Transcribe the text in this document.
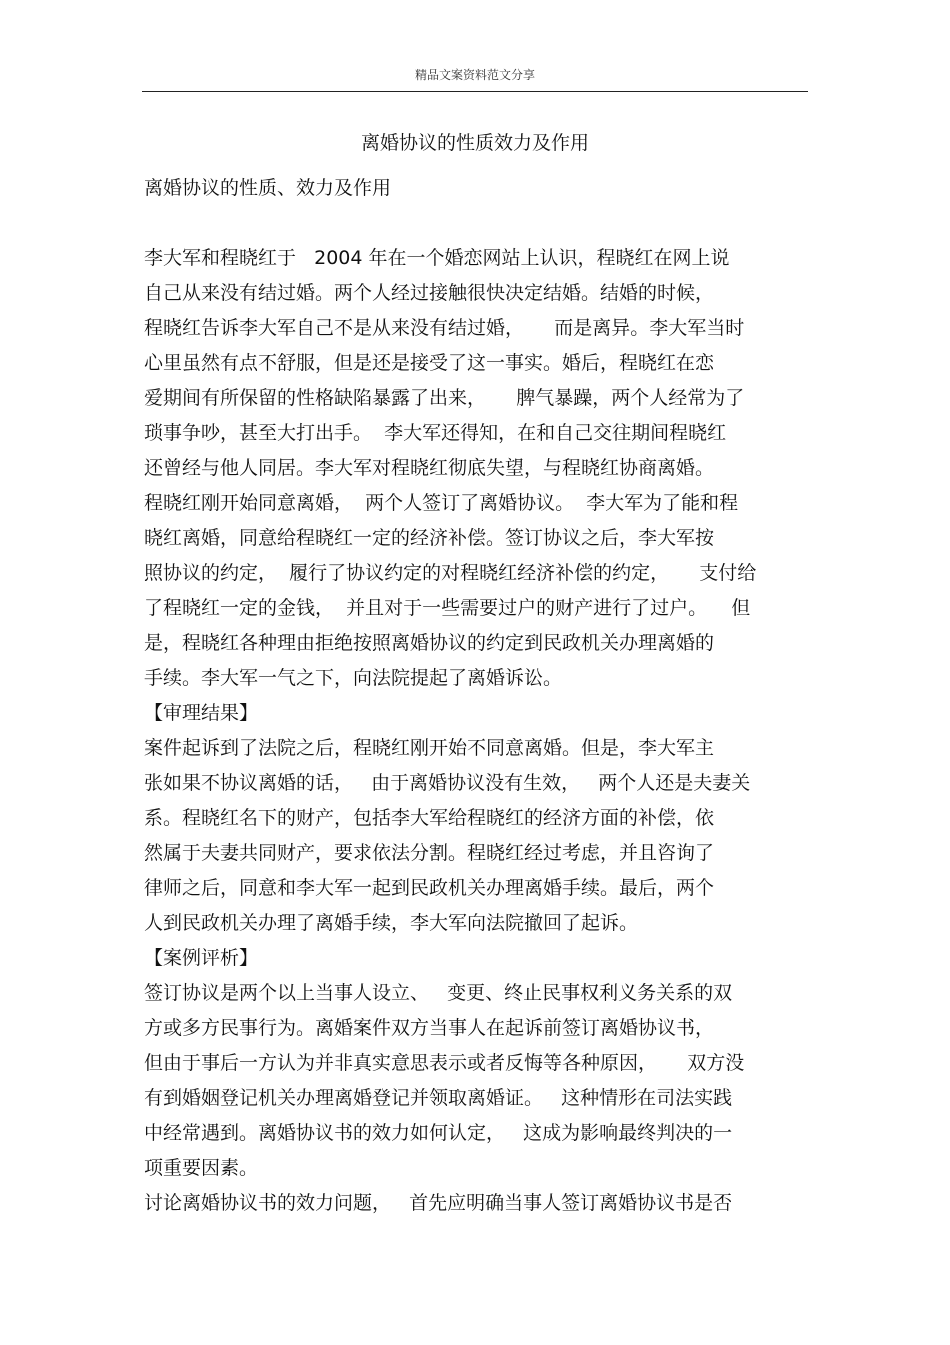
精品文案资料范文分享
离婚协议的性质效力及作用
离婚协议的性质、效力及作用
李大军和程晓红于   2004 年在一个婚恋网站上认识，程晓红在网上说
自己从来没有结过婚。两个人经过接触很快决定结婚。结婚的时候，
程晓红告诉李大军自己不是从来没有结过婚，     而是离异。李大军当时
心里虽然有点不舒服，但是还是接受了这一事实。婚后，程晓红在恋
爱期间有所保留的性格缺陷暴露了出来，     脾气暴躁，两个人经常为了
琐事争吵，甚至大打出手。  李大军还得知，在和自己交往期间程晓红
还曾经与他人同居。李大军对程晓红彻底失望，与程晓红协商离婚。
程晓红刚开始同意离婚，  两个人签订了离婚协议。  李大军为了能和程
晓红离婚，同意给程晓红一定的经济补偿。签订协议之后，李大军按
照协议的约定，  履行了协议约定的对程晓红经济补偿的约定，     支付给
了程晓红一定的金钱，  并且对于一些需要过户的财产进行了过户。    但
是，程晓红各种理由拒绝按照离婚协议的约定到民政机关办理离婚的
手续。李大军一气之下，向法院提起了离婚诉讼。
【审理结果】
案件起诉到了法院之后，程晓红刚开始不同意离婚。但是，李大军主
张如果不协议离婚的话，   由于离婚协议没有生效，   两个人还是夫妻关
系。程晓红名下的财产，包括李大军给程晓红的经济方面的补偿，依
然属于夫妻共同财产，要求依法分割。程晓红经过考虑，并且咨询了
律师之后，同意和李大军一起到民政机关办理离婚手续。最后，两个
人到民政机关办理了离婚手续，李大军向法院撤回了起诉。
【案例评析】
签订协议是两个以上当事人设立、   变更、终止民事权利义务关系的双
方或多方民事行为。离婚案件双方当事人在起诉前签订离婚协议书，
但由于事后一方认为并非真实意思表示或者反悔等各种原因，     双方没
有到婚姻登记机关办理离婚登记并领取离婚证。   这种情形在司法实践
中经常遇到。离婚协议书的效力如何认定，   这成为影响最终判决的一
项重要因素。
讨论离婚协议书的效力问题，   首先应明确当事人签订离婚协议书是否
